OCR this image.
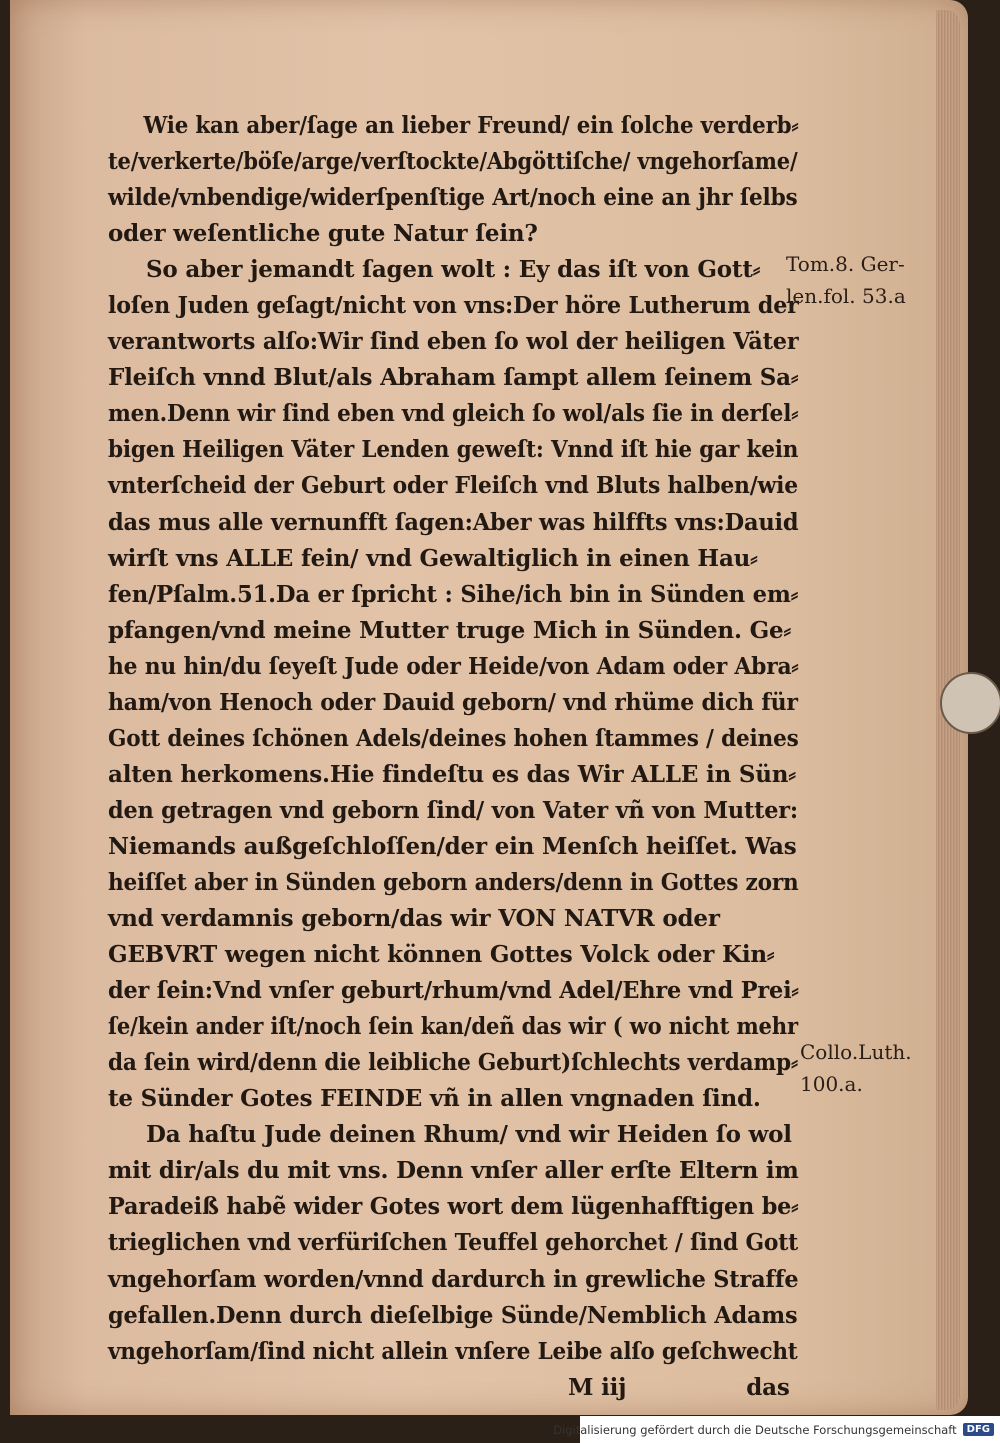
Wie kan aber/ſage an lieber Freund/ ein ſolche verderb⸗
te/verkerte/böſe/arge/verſtockte/Abgöttiſche/ vngehorſame/
wilde/vnbendige/widerſpenſtige Art/noch eine an jhr ſelbs
oder weſentliche gute Natur ſein?
So aber jemandt ſagen wolt : Ey das iſt von Gott⸗
loſen Juden geſagt/nicht von vns:Der höre Lutherum der
verantworts alſo:Wir ſind eben ſo wol der heiligen Väter
Fleiſch vnnd Blut/als Abraham ſampt allem ſeinem Sa⸗
men.Denn wir ſind eben vnd gleich ſo wol/als ſie in derſel⸗
bigen Heiligen Väter Lenden geweſt: Vnnd iſt hie gar kein
vnterſcheid der Geburt oder Fleiſch vnd Bluts halben/wie
das mus alle vernunfft ſagen:Aber was hilffts vns:Dauid
wirſt vns ALLE fein/ vnd Gewaltiglich in einen Hau⸗
fen/Pſalm.51.Da er ſpricht : Sihe/ich bin in Sünden em⸗
pfangen/vnd meine Mutter truge Mich in Sünden. Ge⸗
he nu hin/du ſeyeſt Jude oder Heide/von Adam oder Abra⸗
ham/von Henoch oder Dauid geborn/ vnd rhüme dich für
Gott deines ſchönen Adels/deines hohen ſtammes / deines
alten herkomens.Hie findeſtu es das Wir ALLE in Sün⸗
den getragen vnd geborn ſind/ von Vater vñ von Mutter:
Niemands außgeſchloſſen/der ein Menſch heiſſet. Was
heiſſet aber in Sünden geborn anders/denn in Gottes zorn
vnd verdamnis geborn/das wir VON NATVR oder
GEBVRT wegen nicht können Gottes Volck oder Kin⸗
der ſein:Vnd vnſer geburt/rhum/vnd Adel/Ehre vnd Prei⸗
ſe/kein ander iſt/noch ſein kan/deñ das wir ( wo nicht mehr
da ſein wird/denn die leibliche Geburt)ſchlechts verdamp⸗
te Sünder Gotes FEINDE vñ in allen vngnaden ſind.
Da haſtu Jude deinen Rhum/ vnd wir Heiden ſo wol
mit dir/als du mit vns. Denn vnſer aller erſte Eltern im
Paradeiß habẽ wider Gotes wort dem lügenhafftigen be⸗
trieglichen vnd verfüriſchen Teuffel gehorchet / ſind Gott
vngehorſam worden/vnnd dardurch in grewliche Straffe
gefallen.Denn durch dieſelbige Sünde/Nemblich Adams
vngehorſam/ſind nicht allein vnſere Leibe alſo geſchwecht
M iij	das
Tom.8. Ger-
len.fol. 53.a
Collo.Luth.
100.a.
Digitalisierung gefördert durch die Deutsche Forschungsgemeinschaft	DFG
